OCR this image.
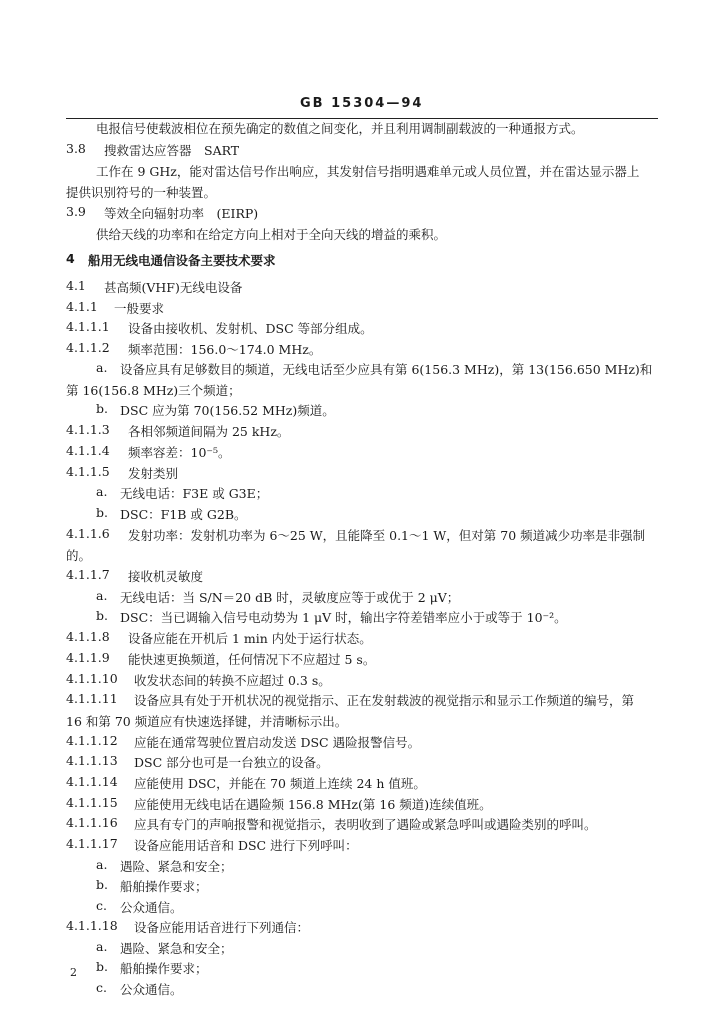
GB 15304—94
电报信号使载波相位在预先确定的数值之间变化，并且利用调制副载波的一种通报方式。
3.8 搜救雷达应答器　SART
工作在 9 GHz，能对雷达信号作出响应，其发射信号指明遇难单元或人员位置，并在雷达显示器上
提供识别符号的一种装置。
3.9 等效全向辐射功率　(EIRP)
供给天线的功率和在给定方向上相对于全向天线的增益的乘积。
4 船用无线电通信设备主要技术要求
4.1 甚高频(VHF)无线电设备
4.1.1 一般要求
4.1.1.1 设备由接收机、发射机、DSC 等部分组成。
4.1.1.2 频率范围：156.0～174.0 MHz。
a. 设备应具有足够数目的频道，无线电话至少应具有第 6(156.3 MHz)，第 13(156.650 MHz)和
第 16(156.8 MHz)三个频道；
b. DSC 应为第 70(156.52 MHz)频道。
4.1.1.3 各相邻频道间隔为 25 kHz。
4.1.1.4 频率容差：10⁻⁵。
4.1.1.5 发射类别
a. 无线电话：F3E 或 G3E；
b. DSC：F1B 或 G2B。
4.1.1.6 发射功率：发射机功率为 6～25 W，且能降至 0.1～1 W，但对第 70 频道减少功率是非强制
的。
4.1.1.7 接收机灵敏度
a. 无线电话：当 S/N＝20 dB 时，灵敏度应等于或优于 2 μV；
b. DSC：当已调输入信号电动势为 1 μV 时，输出字符差错率应小于或等于 10⁻²。
4.1.1.8 设备应能在开机后 1 min 内处于运行状态。
4.1.1.9 能快速更换频道，任何情况下不应超过 5 s。
4.1.1.10 收发状态间的转换不应超过 0.3 s。
4.1.1.11 设备应具有处于开机状况的视觉指示、正在发射载波的视觉指示和显示工作频道的编号，第
16 和第 70 频道应有快速选择键，并清晰标示出。
4.1.1.12 应能在通常驾驶位置启动发送 DSC 遇险报警信号。
4.1.1.13 DSC 部分也可是一台独立的设备。
4.1.1.14 应能使用 DSC，并能在 70 频道上连续 24 h 值班。
4.1.1.15 应能使用无线电话在遇险频 156.8 MHz(第 16 频道)连续值班。
4.1.1.16 应具有专门的声响报警和视觉指示，表明收到了遇险或紧急呼叫或遇险类别的呼叫。
4.1.1.17 设备应能用话音和 DSC 进行下列呼叫：
a. 遇险、紧急和安全；
b. 船舶操作要求；
c. 公众通信。
4.1.1.18 设备应能用话音进行下列通信：
a. 遇险、紧急和安全；
b. 船舶操作要求；
c. 公众通信。
2
